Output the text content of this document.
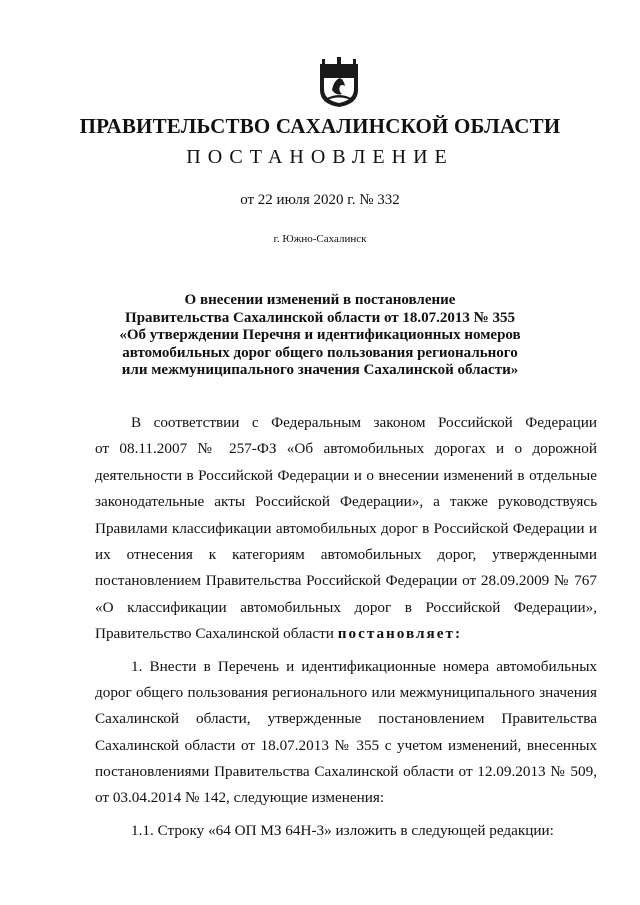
ПРАВИТЕЛЬСТВО САХАЛИНСКОЙ ОБЛАСТИ
ПОСТАНОВЛЕНИЕ
от 22 июля 2020 г. № 332
г. Южно-Сахалинск
О внесении изменений в постановление
Правительства Сахалинской области от 18.07.2013 № 355
«Об утверждении Перечня и идентификационных номеров
автомобильных дорог общего пользования регионального
или межмуниципального значения Сахалинской области»
В соответствии с Федеральным законом Российской Федерации
от 08.11.2007 № 257-ФЗ «Об автомобильных дорогах и о дорожной
деятельности в Российской Федерации и о внесении изменений в отдельные
законодательные акты Российской Федерации», а также руководствуясь
Правилами классификации автомобильных дорог в Российской Федерации и
их отнесения к категориям автомобильных дорог, утвержденными
постановлением Правительства Российской Федерации от 28.09.2009 № 767
«О классификации автомобильных дорог в Российской Федерации»,
Правительство Сахалинской области постановляет:
1. Внести в Перечень и идентификационные номера автомобильных
дорог общего пользования регионального или межмуниципального значения
Сахалинской области, утвержденные постановлением Правительства
Сахалинской области от 18.07.2013 № 355 с учетом изменений, внесенных
постановлениями Правительства Сахалинской области от 12.09.2013 № 509,
от 03.04.2014 № 142, следующие изменения:
1.1. Строку «64 ОП МЗ 64Н-3» изложить в следующей редакции:
